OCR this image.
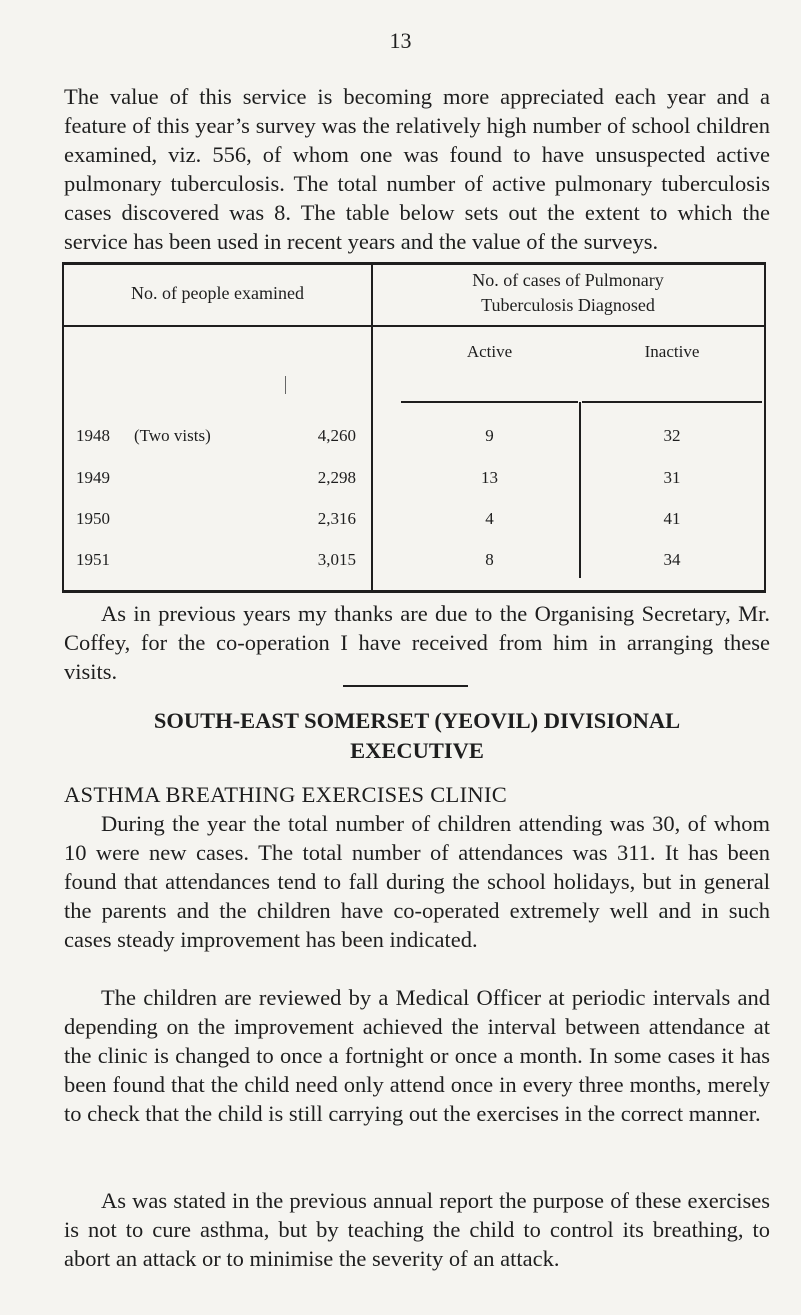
13

The value of this service is becoming more appreciated each year and a feature of this year’s survey was the relatively high number of school children examined, viz. 556, of whom one was found to have unsuspected active pulmonary tuberculosis. The total number of active pulmonary tuberculosis cases discovered was 8. The table below sets out the extent to which the service has been used in recent years and the value of the surveys.

No. of people examined
No. of cases of Pulmonary
Tuberculosis Diagnosed
Active	Inactive
1948 (Two vists)	4,260	9	32
1949	2,298	13	31
1950	2,316	4	41
1951	3,015	8	34

As in previous years my thanks are due to the Organising Secretary, Mr. Coffey, for the co-operation I have received from him in arranging these visits.

SOUTH-EAST SOMERSET (YEOVIL) DIVISIONAL
EXECUTIVE
ASTHMA BREATHING EXERCISES CLINIC

During the year the total number of children attending was 30, of whom 10 were new cases. The total number of attendances was 311. It has been found that attendances tend to fall during the school holidays, but in general the parents and the children have co-operated extremely well and in such cases steady improvement has been indicated.

The children are reviewed by a Medical Officer at periodic intervals and depending on the improvement achieved the interval between attendance at the clinic is changed to once a fortnight or once a month. In some cases it has been found that the child need only attend once in every three months, merely to check that the child is still carrying out the exercises in the correct manner.

As was stated in the previous annual report the purpose of these exercises is not to cure asthma, but by teaching the child to control its breathing, to abort an attack or to minimise the severity of an attack.
